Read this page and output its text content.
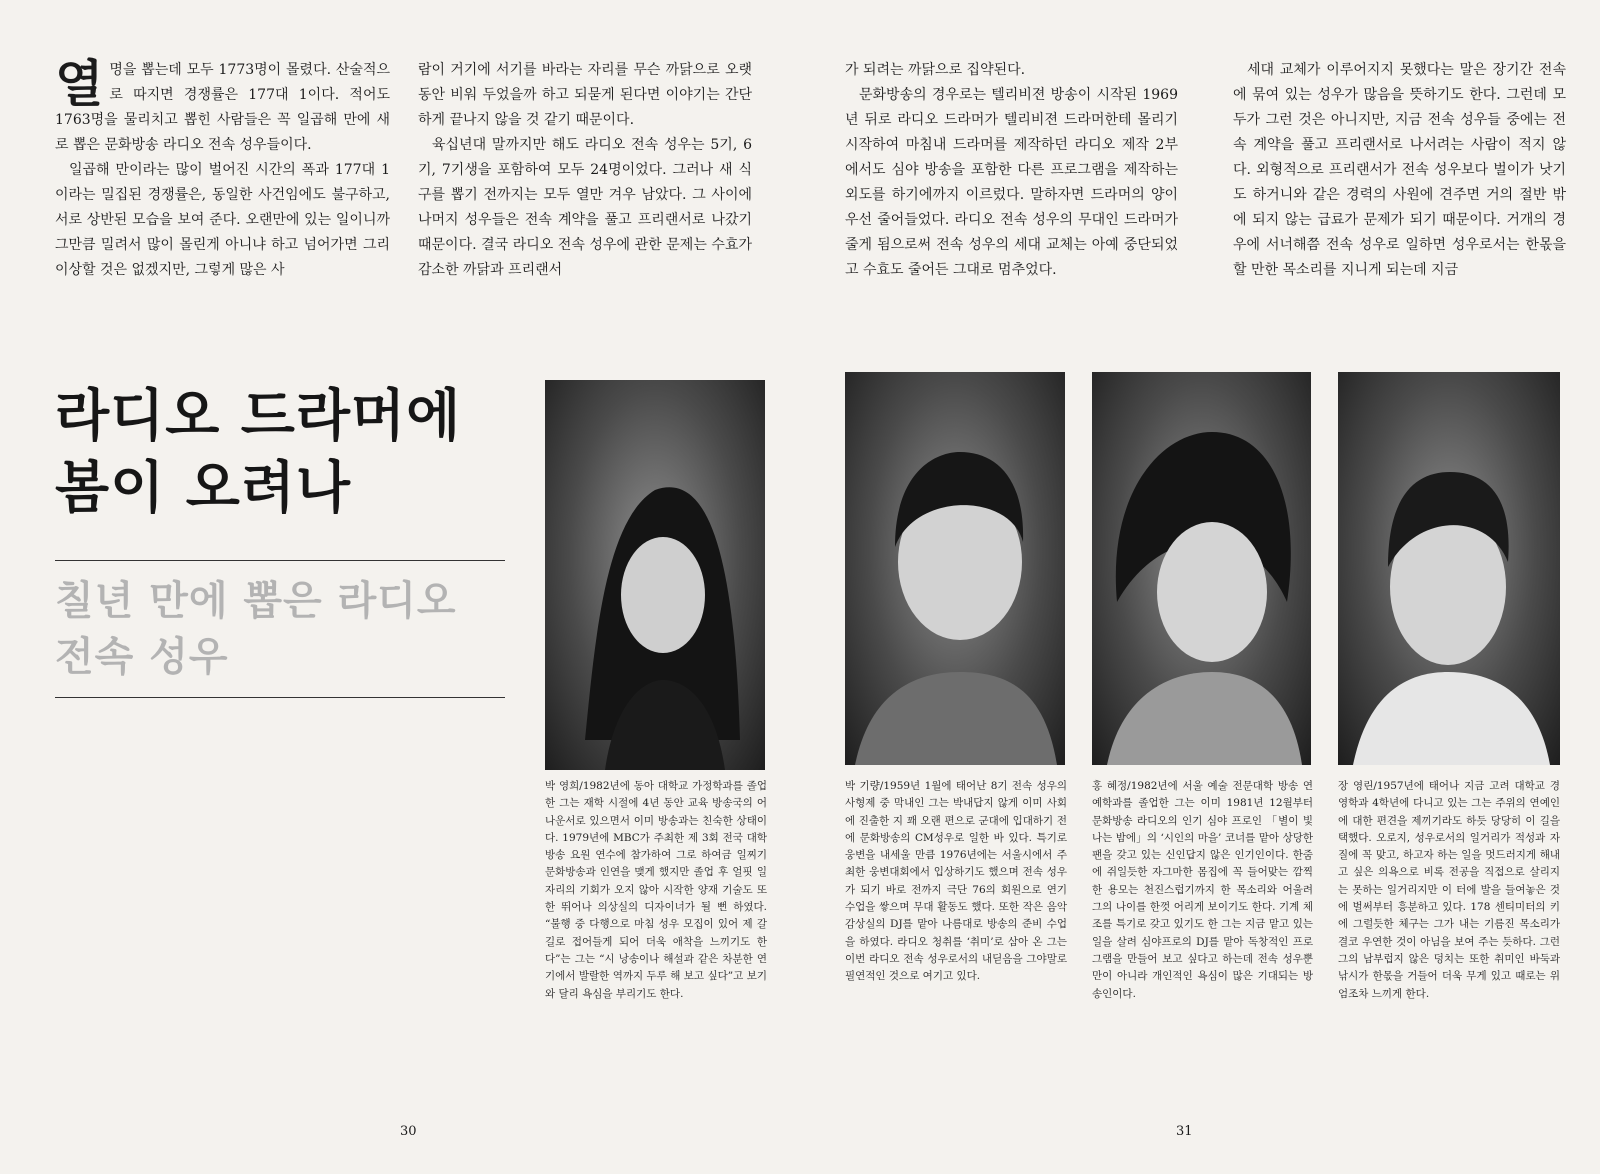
열명을 뽑는데 모두 1773명이 몰렸다. 산술적으로 따지면 경쟁률은 177대 1이다. 적어도 1763명을 물리치고 뽑힌 사람들은 꼭 일곱해 만에 새로 뽑은 문화방송 라디오 전속 성우들이다.

일곱해 만이라는 많이 벌어진 시간의 폭과 177대 1이라는 밀집된 경쟁률은, 동일한 사건임에도 불구하고, 서로 상반된 모습을 보여 준다. 오랜만에 있는 일이니까 그만큼 밀려서 많이 몰린게 아니냐 하고 넘어가면 그리 이상할 것은 없겠지만, 그렇게 많은 사

람이 거기에 서기를 바라는 자리를 무슨 까닭으로 오랫 동안 비워 두었을까 하고 되묻게 된다면 이야기는 간단하게 끝나지 않을 것 같기 때문이다.

육십년대 말까지만 해도 라디오 전속 성우는 5기, 6기, 7기생을 포함하여 모두 24명이었다. 그러나 새 식구를 뽑기 전까지는 모두 열만 겨우 남았다. 그 사이에 나머지 성우들은 전속 계약을 풀고 프리랜서로 나갔기 때문이다. 결국 라디오 전속 성우에 관한 문제는 수효가 감소한 까닭과 프리랜서

라디오 드라머에 봄이 오려나
칠년 만에 뽑은 라디오 전속 성우
박 영희/1982년에 동아 대학교 가정학과를 졸업한 그는 재학 시절에 4년 동안 교육 방송국의 어나운서로 있으면서 이미 방송과는 친숙한 상태이다. 1979년에 MBC가 주최한 제 3회 전국 대학 방송 요원 연수에 참가하여 그로 하여금 일찌기 문화방송과 인연을 맺게 했지만 졸업 후 얼핏 일자리의 기회가 오지 않아 시작한 양재 기술도 또한 뛰어나 의상실의 디자이너가 될 뻔 하였다. “불행 중 다행으로 마침 성우 모집이 있어 제 갈 길로 접어들게 되어 더욱 애착을 느끼기도 한다”는 그는 “시 낭송이나 해설과 같은 차분한 연기에서 발랄한 역까지 두루 해 보고 싶다”고 보기와 달리 욕심을 부리기도 한다.
30

가 되려는 까닭으로 집약된다.

문화방송의 경우로는 텔리비젼 방송이 시작된 1969년 뒤로 라디오 드라머가 텔리비젼 드라머한테 몰리기 시작하여 마침내 드라머를 제작하던 라디오 제작 2부에서도 심야 방송을 포함한 다른 프로그램을 제작하는 외도를 하기에까지 이르렀다. 말하자면 드라머의 양이 우선 줄어들었다. 라디오 전속 성우의 무대인 드라머가 줄게 됨으로써 전속 성우의 세대 교체는 아예 중단되었고 수효도 줄어든 그대로 멈추었다.

세대 교체가 이루어지지 못했다는 말은 장기간 전속에 묶여 있는 성우가 많음을 뜻하기도 한다. 그런데 모두가 그런 것은 아니지만, 지금 전속 성우들 중에는 전속 계약을 풀고 프리랜서로 나서려는 사람이 적지 않다. 외형적으로 프리랜서가 전속 성우보다 벌이가 낫기도 하거니와 같은 경력의 사원에 견주면 거의 절반 밖에 되지 않는 급료가 문제가 되기 때문이다. 거개의 경우에 서너해쯤 전속 성우로 일하면 성우로서는 한몫을 할 만한 목소리를 지니게 되는데 지금

박 기량/1959년 1월에 태어난 8기 전속 성우의 사형제 중 막내인 그는 박내답지 않게 이미 사회에 진출한 지 꽤 오랜 편으로 군대에 입대하기 전에 문화방송의 CM성우로 일한 바 있다. 특기로 웅변을 내세울 만큼 1976년에는 서울시에서 주최한 웅변대회에서 입상하기도 했으며 전속 성우가 되기 바로 전까지 극단 76의 회원으로 연기 수업을 쌓으며 무대 활동도 했다. 또한 작은 음악 감상실의 DJ를 맡아 나름대로 방송의 준비 수업을 하였다. 라디오 청취를 ‘취미’로 삼아 온 그는 이번 라디오 전속 성우로서의 내딛음을 그야말로 필연적인 것으로 여기고 있다.
홍 혜정/1982년에 서울 예술 전문대학 방송 연예학과를 졸업한 그는 이미 1981년 12월부터 문화방송 라디오의 인기 심야 프로인 「별이 빛나는 밤에」의 ‘시인의 마을’ 코너를 맡아 상당한 팬을 갖고 있는 신인답지 않은 인기인이다. 한줌에 쥐일듯한 자그마한 몸집에 꼭 들어맞는 깜찍한 용모는 천진스럽기까지 한 목소리와 어울려 그의 나이를 한껏 어리게 보이기도 한다. 기계 체조를 특기로 갖고 있기도 한 그는 지금 맡고 있는 일을 살려 심야프로의 DJ를 맡아 독창적인 프로그램을 만들어 보고 싶다고 하는데 전속 성우뿐만이 아니라 개인적인 욕심이 많은 기대되는 방송인이다.
장 영린/1957년에 태어나 지금 고려 대학교 경영학과 4학년에 다니고 있는 그는 주위의 연예인에 대한 편견을 제끼기라도 하듯 당당히 이 길을 택했다. 오로지, 성우로서의 일거리가 적성과 자질에 꼭 맞고, 하고자 하는 일을 멋드러지게 해내고 싶은 의욕으로 비록 전공을 직접으로 살리지는 못하는 일거리지만 이 터에 발을 들여놓은 것에 벌써부터 흥분하고 있다. 178 센티미터의 키에 그럴듯한 체구는 그가 내는 기름진 목소리가 결코 우연한 것이 아님을 보여 주는 듯하다. 그런 그의 남부럽지 않은 덩치는 또한 취미인 바둑과 낚시가 한몫을 거들어 더욱 무게 있고 때로는 위엄조차 느끼게 한다.
31
